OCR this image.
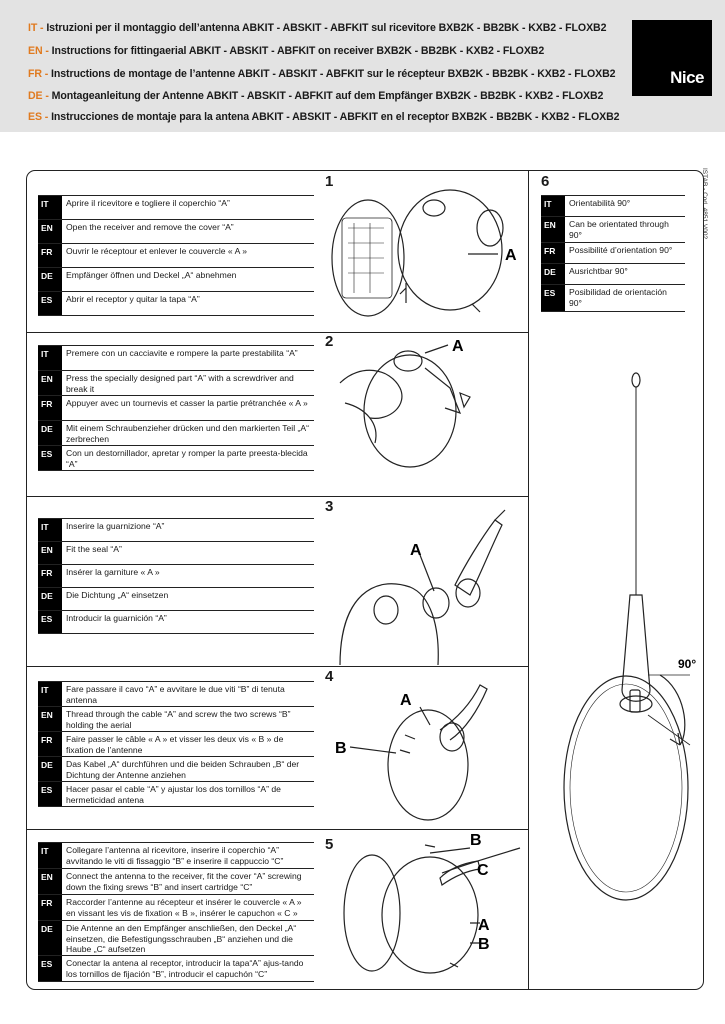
IT - Istruzioni per il montaggio dell’antenna ABKIT - ABSKIT - ABFKIT sul ricevitore BXB2K - BB2BK - KXB2 - FLOXB2
EN - Instructions for fittingaerial ABKIT - ABSKIT - ABFKIT on receiver BXB2K - BB2BK - KXB2 - FLOXB2
FR - Instructions de montage de l’antenne ABKIT - ABSKIT - ABFKIT sur le récepteur BXB2K - BB2BK - KXB2 - FLOXB2
DE - Montageanleitung der Antenne ABKIT - ABSKIT - ABFKIT auf dem Empfänger BXB2K - BB2BK - KXB2 - FLOXB2
ES - Instrucciones de montaje para la antena ABKIT - ABSKIT - ABFKIT en el receptor BXB2K - BB2BK - KXB2 - FLOXB2
Nice
ISTAB - Cod. 4851 V002
1
2
3
4
5
6
IT	Aprire il ricevitore e togliere il coperchio “A”
EN	Open the receiver and remove the cover “A”
FR	Ouvrir le réceptour et enlever le couvercle « A »
DE	Empfänger öffnen und Deckel „A“ abnehmen
ES	Abrir el receptor y quitar la tapa “A”
IT	Premere con un cacciavite e rompere la parte prestabilita “A”
EN	Press the specially designed part “A” with a screwdriver and break it
FR	Appuyer avec un tournevis et casser la partie prétranchée « A »
DE	Mit einem Schraubenzieher drücken und den markierten Teil „A“ zerbrechen
ES	Con un destornillador, apretar y romper la parte preesta-blecida “A”
IT	Inserire la guarnizione “A”
EN	Fit the seal “A”
FR	Insérer la garniture « A »
DE	Die Dichtung „A“ einsetzen
ES	Introducir la guarnición “A”
IT	Fare passare il cavo “A” e avvitare le due viti “B” di tenuta antenna
EN	Thread through the cable “A” and screw the two screws “B” holding the aerial
FR	Faire passer le câble « A » et visser les deux vis « B » de fixation de l’antenne
DE	Das Kabel „A“ durchführen und die beiden Schrauben „B“ der Dichtung der Antenne anziehen
ES	Hacer pasar el cable “A” y ajustar los dos tornillos “A” de hermeticidad antena
IT	Collegare l’antenna al ricevitore, inserire il coperchio “A” avvitando le viti di fissaggio “B” e inserire il cappuccio “C”
EN	Connect the antenna to the receiver, fit the cover “A” screwing down the fixing srews “B” and insert cartridge “C”
FR	Raccorder l’antenne au récepteur et insérer le couvercle « A » en vissant les vis de fixation « B », insérer le capuchon « C »
DE	Die Antenne an den Empfänger anschließen, den Deckel „A“ einsetzen, die Befestigungsschrauben „B“ anziehen und die Haube „C“ aufsetzen
ES	Conectar la antena al receptor, introducir la tapa“A” ajus-tando los tornillos de fijación “B”, introducir el capuchón “C”
IT	Orientabilità 90°
EN	Can be orientated through 90°
FR	Possibilité d’orientation 90°
DE	Ausrichtbar 90°
ES	Posibilidad de orientación 90°
A
A
A
A
B
B
C
A
B
90°
